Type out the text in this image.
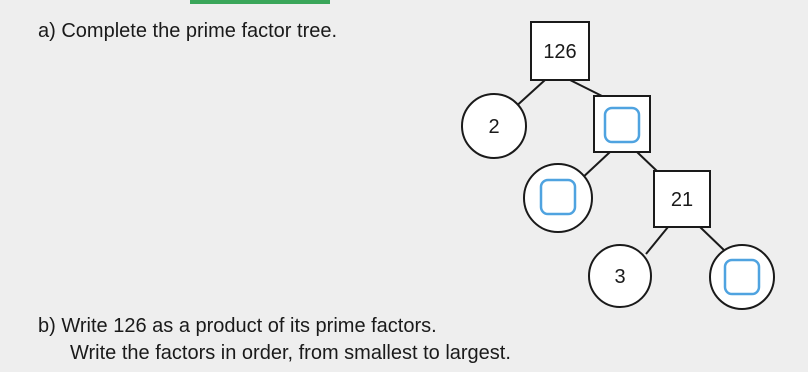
a) Complete the prime factor tree.
126
2
21
3
b) Write 126 as a product of its prime factors.
Write the factors in order, from smallest to largest.
